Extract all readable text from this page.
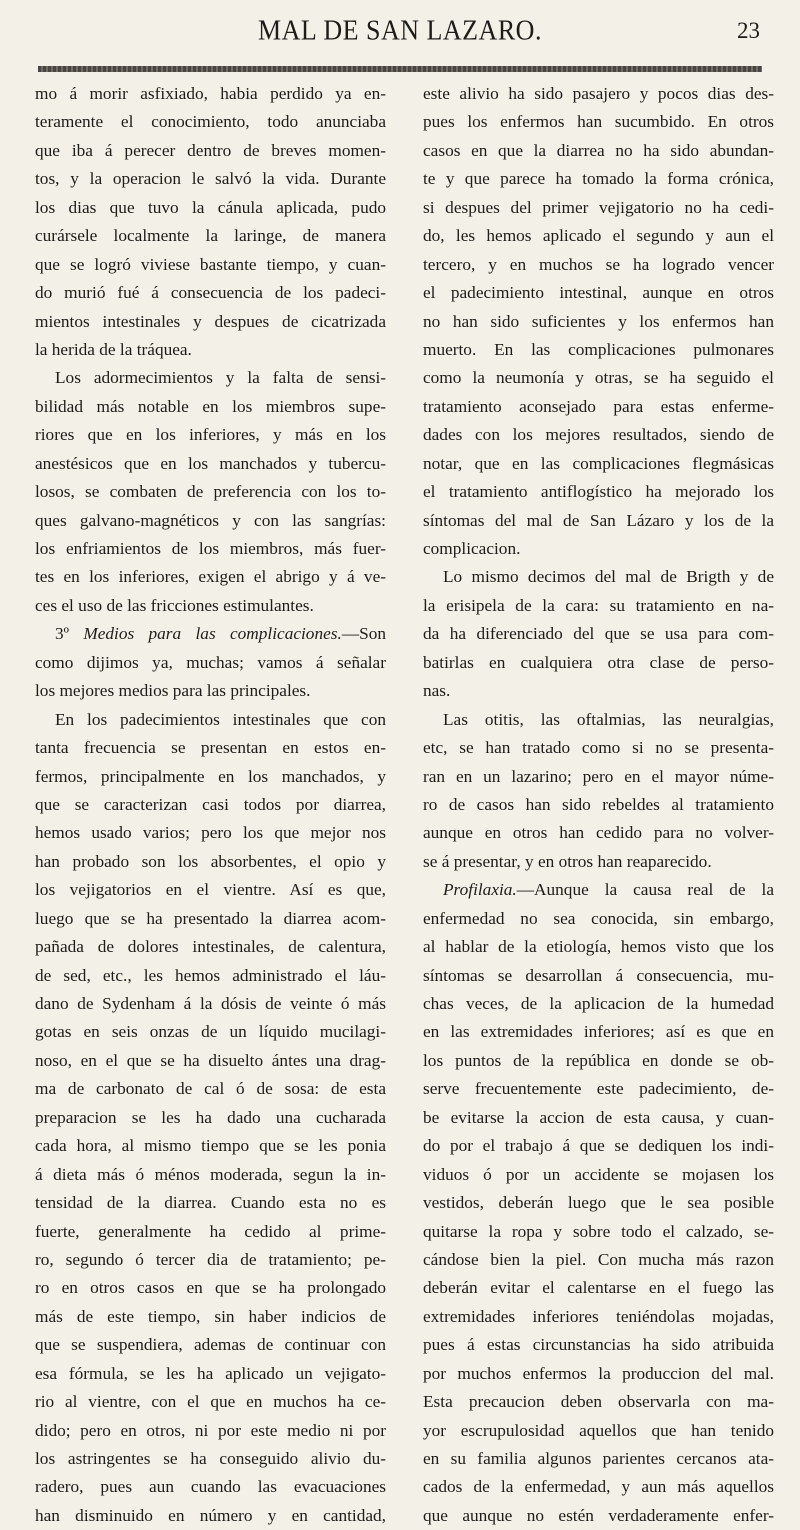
MAL DE SAN LAZARO.	23
mo á morir asfixiado, habia perdido ya en-
teramente el conocimiento, todo anunciaba
que iba á perecer dentro de breves momen-
tos, y la operacion le salvó la vida. Durante
los dias que tuvo la cánula aplicada, pudo
curársele localmente la laringe, de manera
que se logró viviese bastante tiempo, y cuan-
do murió fué á consecuencia de los padeci-
mientos intestinales y despues de cicatrizada
la herida de la tráquea.
Los adormecimientos y la falta de sensi-
bilidad más notable en los miembros supe-
riores que en los inferiores, y más en los
anestésicos que en los manchados y tubercu-
losos, se combaten de preferencia con los to-
ques galvano-magnéticos y con las sangrías:
los enfriamientos de los miembros, más fuer-
tes en los inferiores, exigen el abrigo y á ve-
ces el uso de las fricciones estimulantes.
3º Medios para las complicaciones.—Son
como dijimos ya, muchas; vamos á señalar
los mejores medios para las principales.
En los padecimientos intestinales que con
tanta frecuencia se presentan en estos en-
fermos, principalmente en los manchados, y
que se caracterizan casi todos por diarrea,
hemos usado varios; pero los que mejor nos
han probado son los absorbentes, el opio y
los vejigatorios en el vientre. Así es que,
luego que se ha presentado la diarrea acom-
pañada de dolores intestinales, de calentura,
de sed, etc., les hemos administrado el láu-
dano de Sydenham á la dósis de veinte ó más
gotas en seis onzas de un líquido mucilagi-
noso, en el que se ha disuelto ántes una drag-
ma de carbonato de cal ó de sosa: de esta
preparacion se les ha dado una cucharada
cada hora, al mismo tiempo que se les ponia
á dieta más ó ménos moderada, segun la in-
tensidad de la diarrea. Cuando esta no es
fuerte, generalmente ha cedido al prime-
ro, segundo ó tercer dia de tratamiento; pe-
ro en otros casos en que se ha prolongado
más de este tiempo, sin haber indicios de
que se suspendiera, ademas de continuar con
esa fórmula, se les ha aplicado un vejigato-
rio al vientre, con el que en muchos ha ce-
dido; pero en otros, ni por este medio ni por
los astringentes se ha conseguido alivio du-
radero, pues aun cuando las evacuaciones
han disminuido en número y en cantidad,
este alivio ha sido pasajero y pocos dias des-
pues los enfermos han sucumbido. En otros
casos en que la diarrea no ha sido abundan-
te y que parece ha tomado la forma crónica,
si despues del primer vejigatorio no ha cedi-
do, les hemos aplicado el segundo y aun el
tercero, y en muchos se ha logrado vencer
el padecimiento intestinal, aunque en otros
no han sido suficientes y los enfermos han
muerto. En las complicaciones pulmonares
como la neumonía y otras, se ha seguido el
tratamiento aconsejado para estas enferme-
dades con los mejores resultados, siendo de
notar, que en las complicaciones flegmásicas
el tratamiento antiflogístico ha mejorado los
síntomas del mal de San Lázaro y los de la
complicacion.
Lo mismo decimos del mal de Brigth y de
la erisipela de la cara: su tratamiento en na-
da ha diferenciado del que se usa para com-
batirlas en cualquiera otra clase de perso-
nas.
Las otitis, las oftalmias, las neuralgias,
etc, se han tratado como si no se presenta-
ran en un lazarino; pero en el mayor núme-
ro de casos han sido rebeldes al tratamiento
aunque en otros han cedido para no volver-
se á presentar, y en otros han reaparecido.
Profilaxia.—Aunque la causa real de la
enfermedad no sea conocida, sin embargo,
al hablar de la etiología, hemos visto que los
síntomas se desarrollan á consecuencia, mu-
chas veces, de la aplicacion de la humedad
en las extremidades inferiores; así es que en
los puntos de la república en donde se ob-
serve frecuentemente este padecimiento, de-
be evitarse la accion de esta causa, y cuan-
do por el trabajo á que se dediquen los indi-
viduos ó por un accidente se mojasen los
vestidos, deberán luego que le sea posible
quitarse la ropa y sobre todo el calzado, se-
cándose bien la piel. Con mucha más razon
deberán evitar el calentarse en el fuego las
extremidades inferiores teniéndolas mojadas,
pues á estas circunstancias ha sido atribuida
por muchos enfermos la produccion del mal.
Esta precaucion deben observarla con ma-
yor escrupulosidad aquellos que han tenido
en su familia algunos parientes cercanos ata-
cados de la enfermedad, y aun más aquellos
que aunque no estén verdaderamente enfer-
